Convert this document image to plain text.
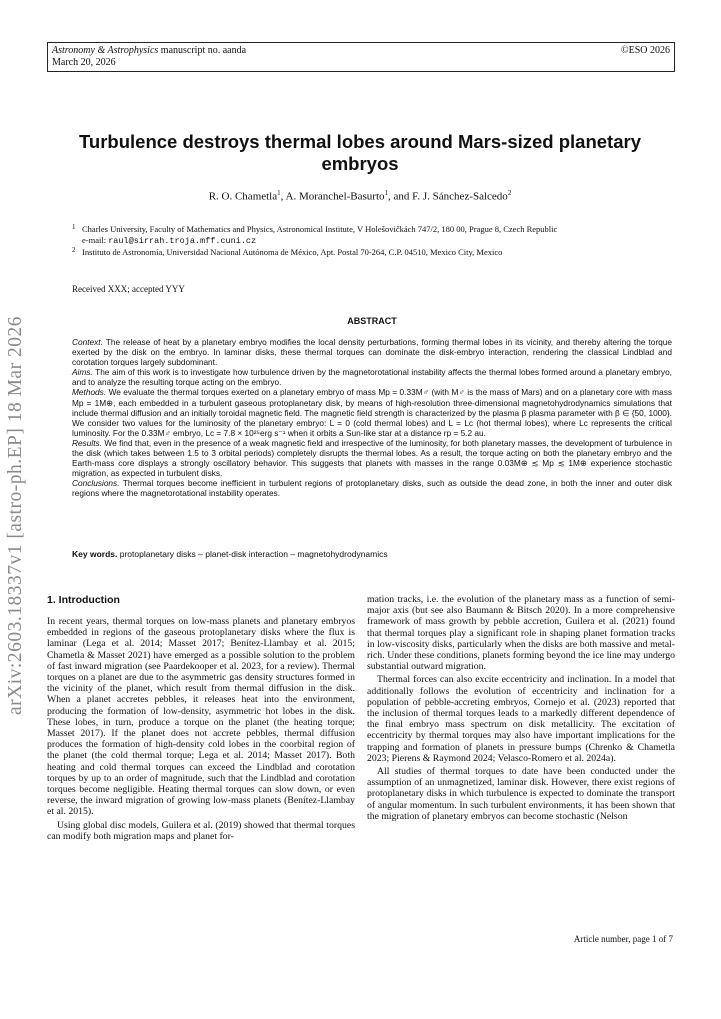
Astronomy & Astrophysics manuscript no. aanda
March 20, 2026
©ESO 2026
arXiv:2603.18337v1 [astro-ph.EP] 18 Mar 2026
Turbulence destroys thermal lobes around Mars-sized planetary embryos
R. O. Chametla$^1$, A. Moranchel-Basurto$^1$, and F. J. Sánchez-Salcedo$^2$
1 Charles University, Faculty of Mathematics and Physics, Astronomical Institute, V Holešovičkách 747/2, 180 00, Prague 8, Czech Republic
e-mail: raul@sirrah.troja.mff.cuni.cz
2 Instituto de Astronomía, Universidad Nacional Autónoma de México, Apt. Postal 70-264, C.P. 04510, Mexico City, Mexico
Received XXX; accepted YYY
ABSTRACT

Context. The release of heat by a planetary embryo modifies the local density perturbations, forming thermal lobes in its vicinity, and thereby altering the torque exerted by the disk on the embryo. In laminar disks, these thermal torques can dominate the disk-embryo interaction, rendering the classical Lindblad and corotation torques largely subdominant.

Aims. The aim of this work is to investigate how turbulence driven by the magnetorotational instability affects the thermal lobes formed around a planetary embryo, and to analyze the resulting torque acting on the embryo.

Methods. We evaluate the thermal torques exerted on a planetary embryo of mass Mp = 0.33M♂ (with M♂ is the mass of Mars) and on a planetary core with mass Mp = 1M⊕, each embedded in a turbulent gaseous protoplanetary disk, by means of high-resolution three-dimensional magnetohydrodynamics simulations that include thermal diffusion and an initially toroidal magnetic field. The magnetic field strength is characterized by the plasma β plasma parameter with β ∈ {50, 1000}. We consider two values for the luminosity of the planetary embryo: L = 0 (cold thermal lobes) and L = Lc (hot thermal lobes), where Lc represents the critical luminosity. For the 0.33M♂ embryo, Lc = 7.8 × 10²⁵erg s⁻¹ when it orbits a Sun-like star at a distance rp = 5.2 au.

Results. We find that, even in the presence of a weak magnetic field and irrespective of the luminosity, for both planetary masses, the development of turbulence in the disk (which takes between 1.5 to 3 orbital periods) completely disrupts the thermal lobes. As a result, the torque acting on both the planetary embryo and the Earth-mass core displays a strongly oscillatory behavior. This suggests that planets with masses in the range 0.03M⊕ ≲ Mp ≲ 1M⊕ experience stochastic migration, as expected in turbulent disks.

Conclusions. Thermal torques become inefficient in turbulent regions of protoplanetary disks, such as outside the dead zone, in both the inner and outer disk regions where the magnetorotational instability operates.

Key words. protoplanetary disks – planet-disk interaction – magnetohydrodynamics
1. Introduction

In recent years, thermal torques on low-mass planets and planetary embryos embedded in regions of the gaseous protoplanetary disks where the flux is laminar (Lega et al. 2014; Masset 2017; Benítez-Llambay et al. 2015; Chametla & Masset 2021) have emerged as a possible solution to the problem of fast inward migration (see Paardekooper et al. 2023, for a review). Thermal torques on a planet are due to the asymmetric gas density structures formed in the vicinity of the planet, which result from thermal diffusion in the disk. When a planet accretes pebbles, it releases heat into the environment, producing the formation of low-density, asymmetric hot lobes in the disk. These lobes, in turn, produce a torque on the planet (the heating torque; Masset 2017). If the planet does not accrete pebbles, thermal diffusion produces the formation of high-density cold lobes in the coorbital region of the planet (the cold thermal torque; Lega et al. 2014; Masset 2017). Both heating and cold thermal torques can exceed the Lindblad and corotation torques by up to an order of magnitude, such that the Lindblad and corotation torques become negligible. Heating thermal torques can slow down, or even reverse, the inward migration of growing low-mass planets (Benítez-Llambay et al. 2015).

Using global disc models, Guilera et al. (2019) showed that thermal torques can modify both migration maps and planet for-

mation tracks, i.e. the evolution of the planetary mass as a function of semi-major axis (but see also Baumann & Bitsch 2020). In a more comprehensive framework of mass growth by pebble accretion, Guilera et al. (2021) found that thermal torques play a significant role in shaping planet formation tracks in low-viscosity disks, particularly when the disks are both massive and metal-rich. Under these conditions, planets forming beyond the ice line may undergo substantial outward migration.

Thermal forces can also excite eccentricity and inclination. In a model that additionally follows the evolution of eccentricity and inclination for a population of pebble-accreting embryos, Cornejo et al. (2023) reported that the inclusion of thermal torques leads to a markedly different dependence of the final embryo mass spectrum on disk metallicity. The excitation of eccentricity by thermal torques may also have important implications for the trapping and formation of planets in pressure bumps (Chrenko & Chametla 2023; Pierens & Raymond 2024; Velasco-Romero et al. 2024a).

All studies of thermal torques to date have been conducted under the assumption of an unmagnetized, laminar disk. However, there exist regions of protoplanetary disks in which turbulence is expected to dominate the transport of angular momentum. In such turbulent environments, it has been shown that the migration of planetary embryos can become stochastic (Nelson

Article number, page 1 of 7
